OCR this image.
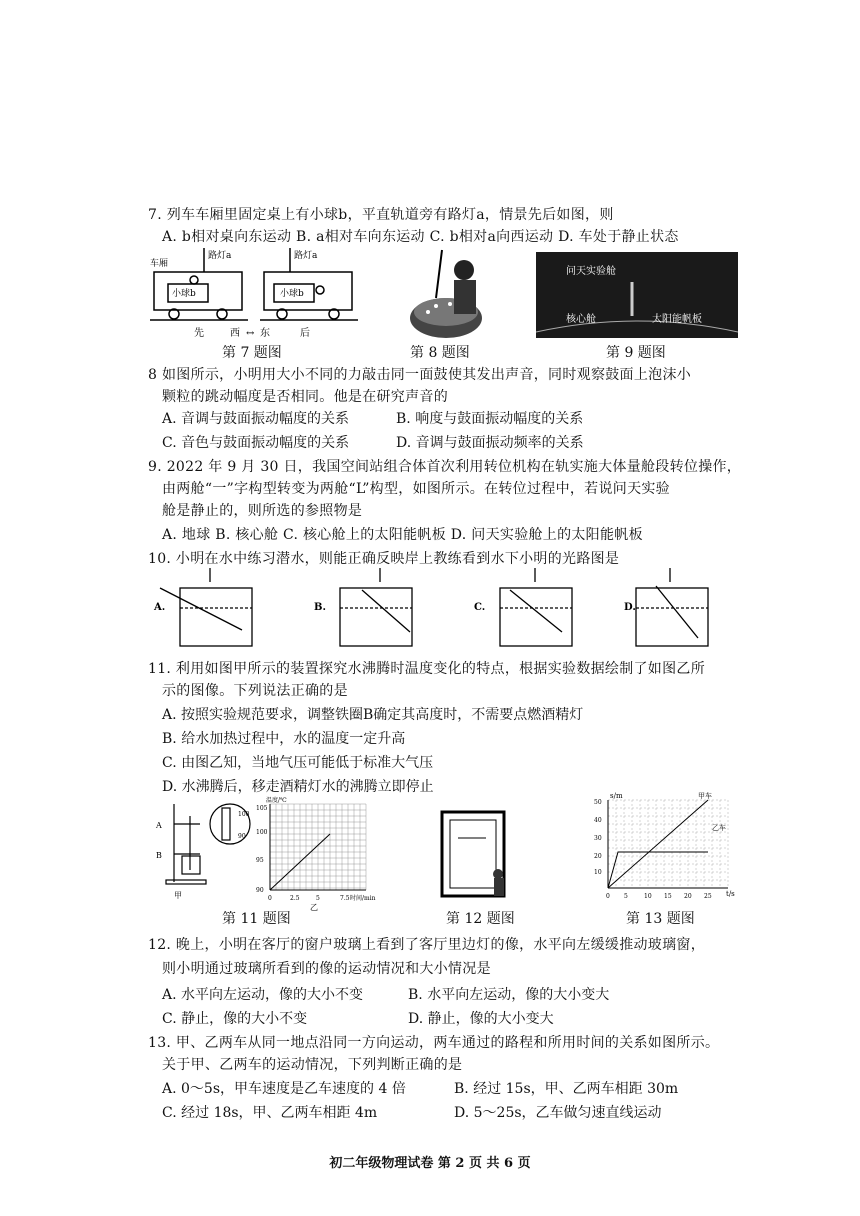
7. 列车车厢里固定桌上有小球b，平直轨道旁有路灯a，情景先后如图，则
A. b相对桌向东运动 B. a相对车向东运动 C. b相对a向西运动 D. 车处于静止状态
车厢
路灯a	路灯a
小球b	小球b
先	西 ↔ 东	后
问天实验舱
核心舱	太阳能帆板
第 7 题图	第 8 题图	第 9 题图
8 如图所示，小明用大小不同的力敲击同一面鼓使其发出声音，同时观察鼓面上泡沫小
颗粒的跳动幅度是否相同。他是在研究声音的
A. 音调与鼓面振动幅度的关系	B. 响度与鼓面振动幅度的关系
C. 音色与鼓面振动幅度的关系	D. 音调与鼓面振动频率的关系
9. 2022 年 9 月 30 日，我国空间站组合体首次利用转位机构在轨实施大体量舱段转位操作，
由两舱“一”字构型转变为两舱“L”构型，如图所示。在转位过程中，若说问天实验
舱是静止的，则所选的参照物是
A. 地球 B. 核心舱 C. 核心舱上的太阳能帆板 D. 问天实验舱上的太阳能帆板
10. 小明在水中练习潜水，则能正确反映岸上教练看到水下小明的光路图是
A.	B.	C.	D.
11. 利用如图甲所示的装置探究水沸腾时温度变化的特点，根据实验数据绘制了如图乙所
示的图像。下列说法正确的是
A. 按照实验规范要求，调整铁圈B确定其高度时，不需要点燃酒精灯
B. 给水加热过程中，水的温度一定升高
C. 由图乙知，当地气压可能低于标准大气压
D. 水沸腾后，移走酒精灯水的沸腾立即停止
A
B
甲
100
90
温度/℃
105
100
95
90
0	2.5	5	7.5 时间/min
乙
s/m	甲车
乙车
50
40
30
20
10
0 5	10 15 20 25 t/s
第 11 题图	第 12 题图	第 13 题图
12. 晚上，小明在客厅的窗户玻璃上看到了客厅里边灯的像，水平向左缓缓推动玻璃窗，
则小明通过玻璃所看到的像的运动情况和大小情况是
A. 水平向左运动，像的大小不变	B. 水平向左运动，像的大小变大
C. 静止，像的大小不变	D. 静止，像的大小变大
13. 甲、乙两车从同一地点沿同一方向运动，两车通过的路程和所用时间的关系如图所示。
关于甲、乙两车的运动情况，下列判断正确的是
A. 0～5s，甲车速度是乙车速度的 4 倍	B. 经过 15s，甲、乙两车相距 30m
C. 经过 18s，甲、乙两车相距 4m	D. 5～25s，乙车做匀速直线运动
初二年级物理试卷 第 2 页 共 6 页
